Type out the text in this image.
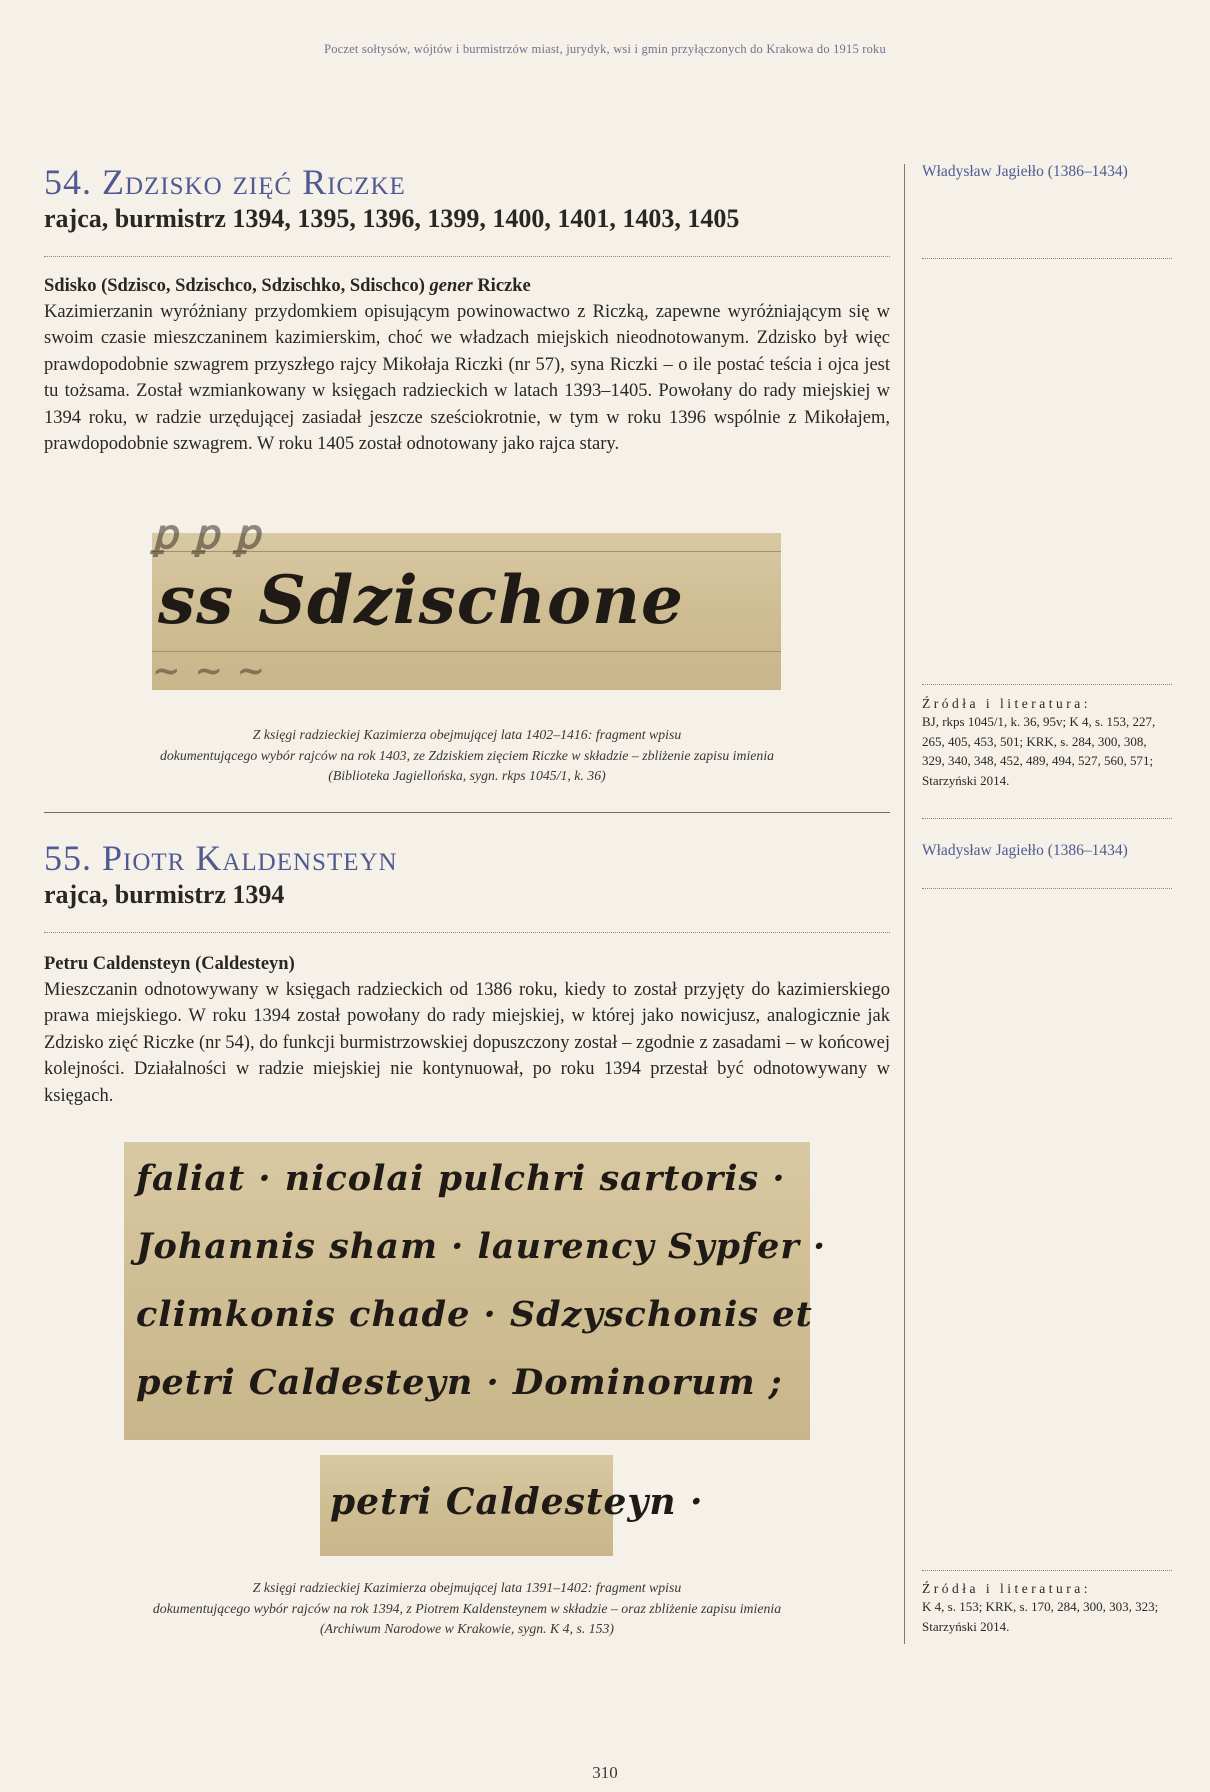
Poczet sołtysów, wójtów i burmistrzów miast, jurydyk, wsi i gmin przyłączonych do Krakowa do 1915 roku
54. Zdzisko zięć Riczke
rajca, burmistrz 1394, 1395, 1396, 1399, 1400, 1401, 1403, 1405

Sdisko (Sdzisco, Sdzischco, Sdzischko, Sdischco) gener Riczke

Kazimierzanin wyróżniany przydomkiem opisującym powinowactwo z Riczką, zapewne wyróżniającym się w swoim czasie mieszczaninem kazimierskim, choć we władzach miejskich nieodnotowanym. Zdzisko był więc prawdopodobnie szwagrem przyszłego rajcy Mikołaja Riczki (nr 57), syna Riczki – o ile postać teścia i ojca jest tu tożsama. Został wzmiankowany w księgach radzieckich w latach 1393–1405. Powołany do rady miejskiej w 1394 roku, w radzie urzędującej zasiadał jeszcze sześciokrotnie, w tym w roku 1396 wspólnie z Mikołajem, prawdopodobnie szwagrem. W roku 1405 został odnotowany jako rajca stary.

ꝑ ꝑ ꝑ
ss Sdzischone
~ ~ ~
Z księgi radzieckiej Kazimierza obejmującej lata 1402–1416: fragment wpisu
dokumentującego wybór rajców na rok 1403, ze Zdziskiem zięciem Riczke w składzie – zbliżenie zapisu imienia
(Biblioteka Jagiellońska, sygn. rkps 1045/1, k. 36)

Władysław Jagiełło (1386–1434)

Źródła i literatura:

BJ, rkps 1045/1, k. 36, 95v; K 4, s. 153, 227, 265, 405, 453, 501; KRK, s. 284, 300, 308, 329, 340, 348, 452, 489, 494, 527, 560, 571; Starzyński 2014.

55. Piotr Kaldensteyn
rajca, burmistrz 1394

Petru Caldensteyn (Caldesteyn)

Mieszczanin odnotowywany w księgach radzieckich od 1386 roku, kiedy to został przyjęty do kazimierskiego prawa miejskiego. W roku 1394 został powołany do rady miejskiej, w której jako nowicjusz, analogicznie jak Zdzisko zięć Riczke (nr 54), do funkcji burmistrzowskiej dopuszczony został – zgodnie z zasadami – w końcowej kolejności. Działalności w radzie miejskiej nie kontynuował, po roku 1394 przestał być odnotowywany w księgach.

faliat · nicolai pulchri sartoris ·
Johannis sham · laurency Sypfer ·
climkonis chade · Sdzyschonis et
petri Caldesteyn · Dominorum ;
petri Caldesteyn ·
Z księgi radzieckiej Kazimierza obejmującej lata 1391–1402: fragment wpisu
dokumentującego wybór rajców na rok 1394, z Piotrem Kaldensteynem w składzie – oraz zbliżenie zapisu imienia
(Archiwum Narodowe w Krakowie, sygn. K 4, s. 153)

Władysław Jagiełło (1386–1434)

Źródła i literatura:

K 4, s. 153; KRK, s. 170, 284, 300, 303, 323; Starzyński 2014.

310
